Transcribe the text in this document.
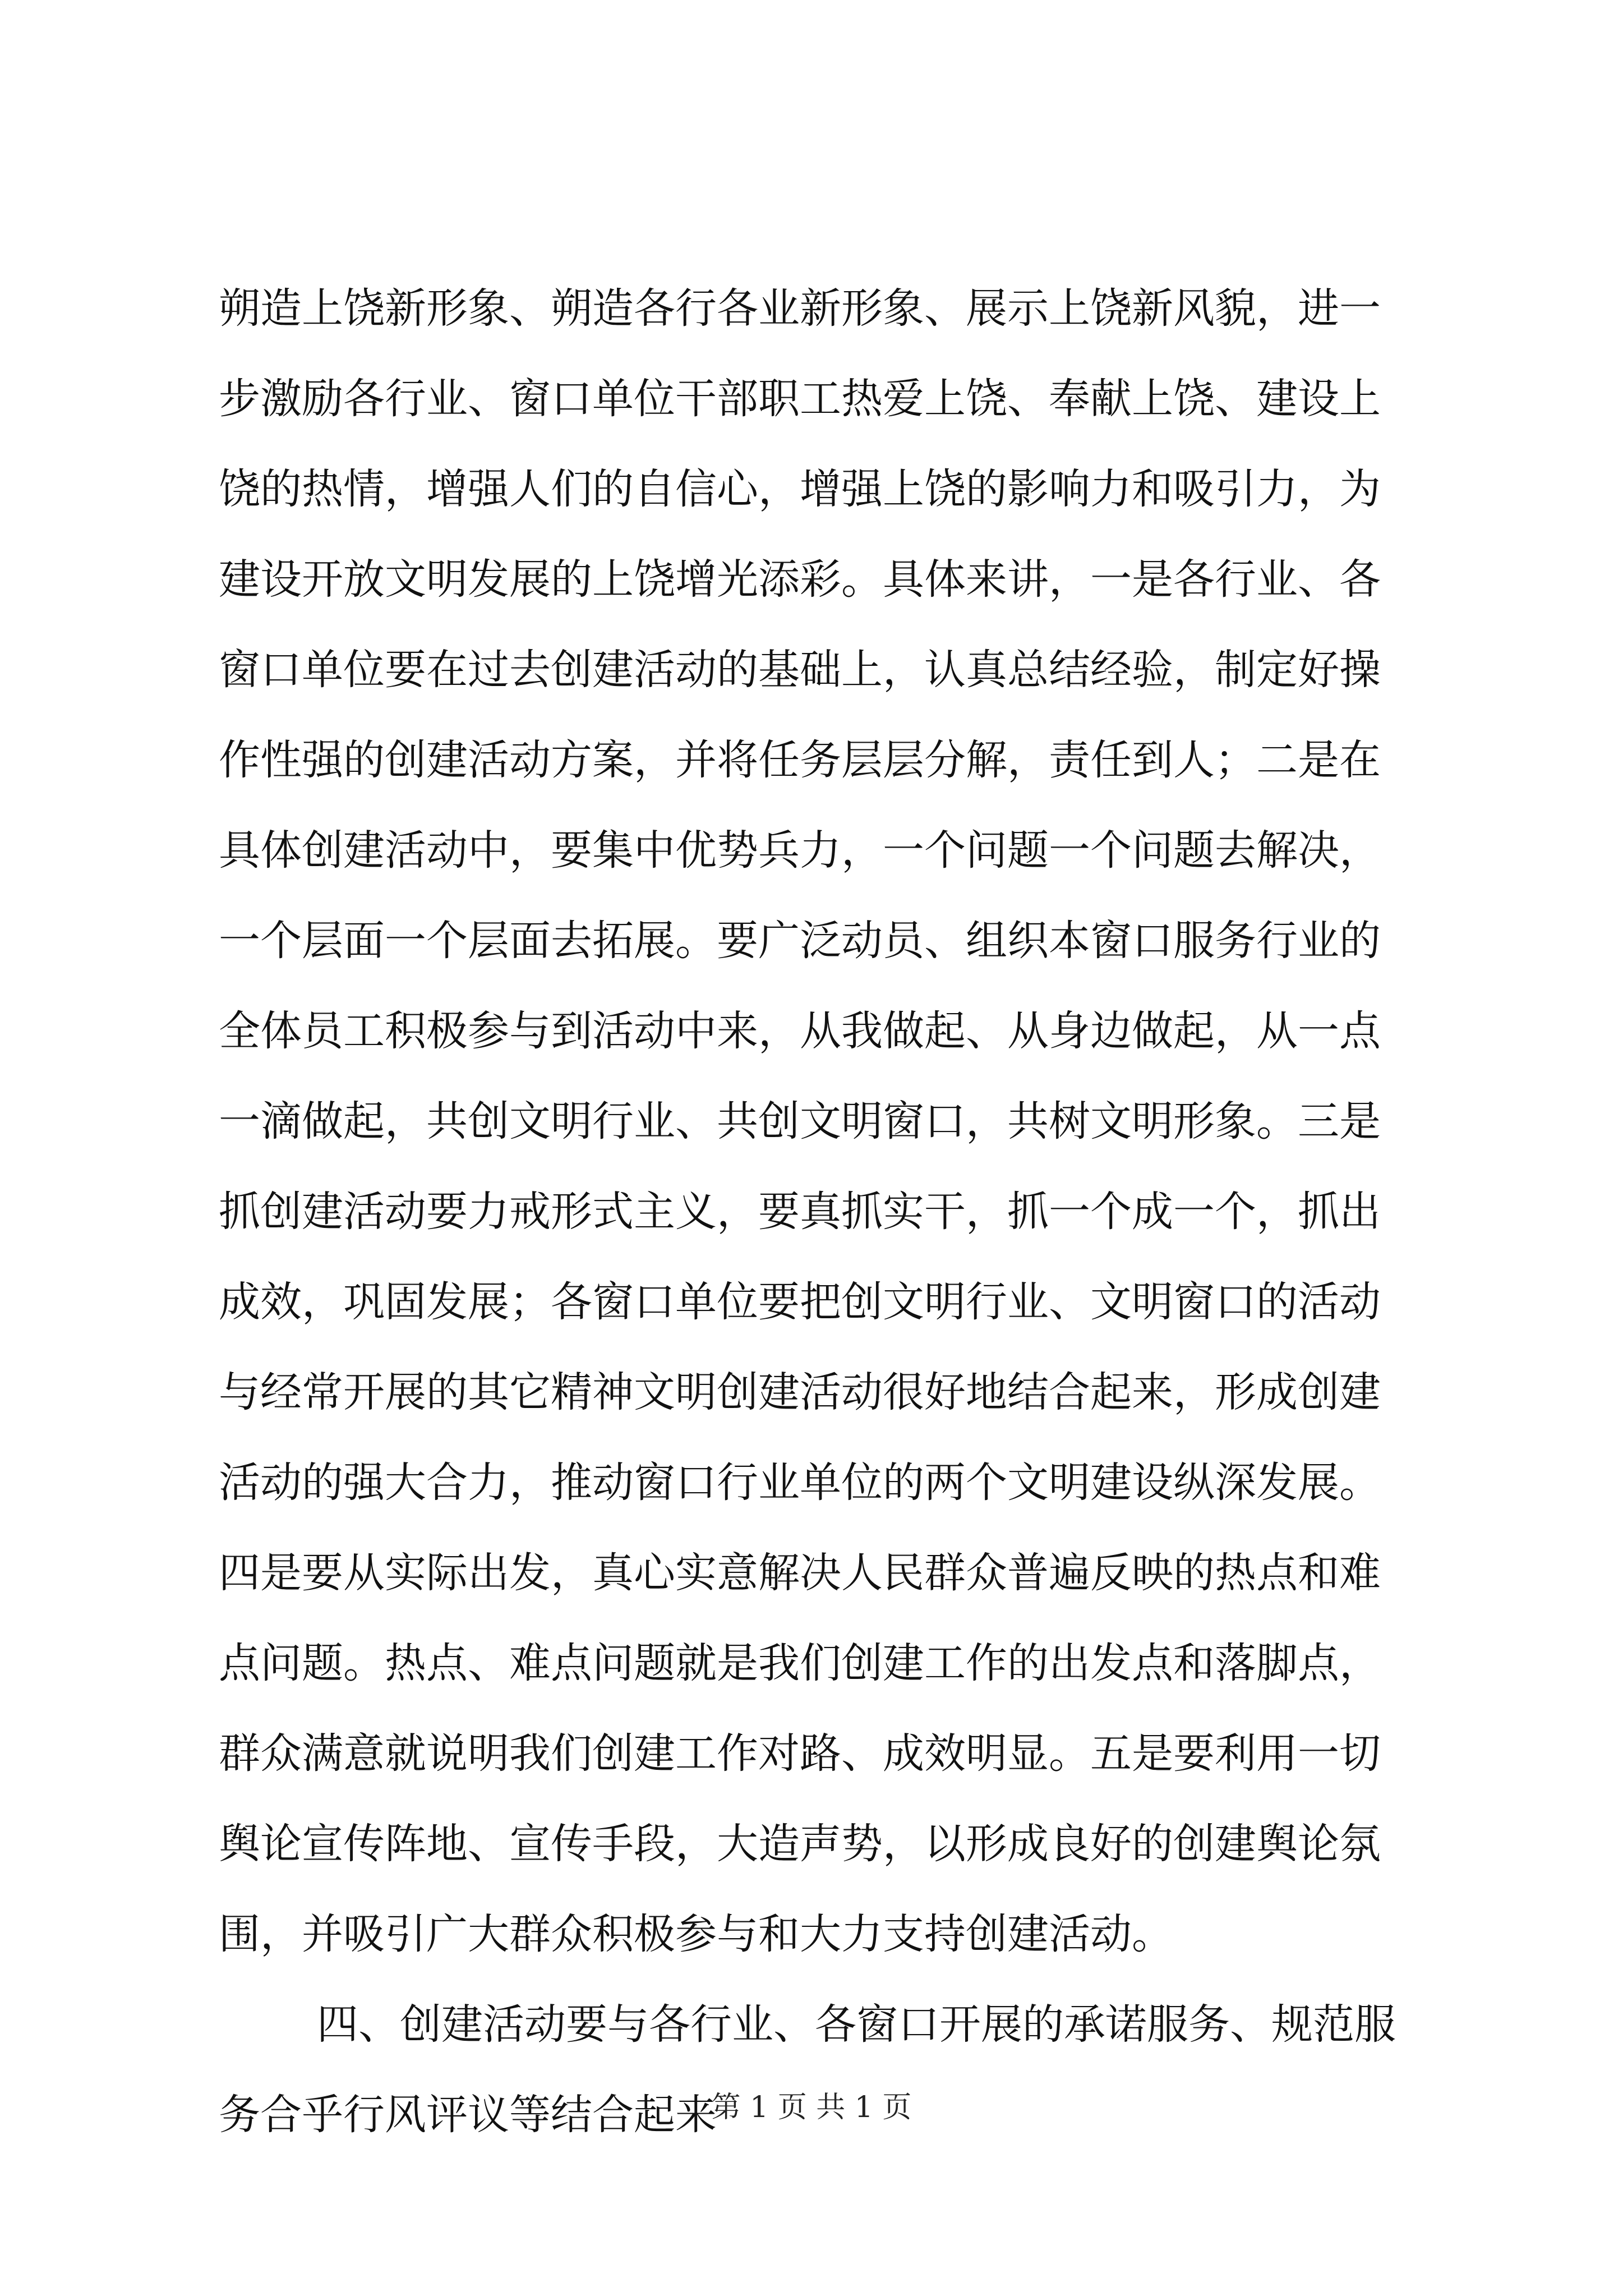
朔造上饶新形象、朔造各行各业新形象、展示上饶新风貌，进一
步激励各行业、窗口单位干部职工热爱上饶、奉献上饶、建设上
饶的热情，增强人们的自信心，增强上饶的影响力和吸引力，为
建设开放文明发展的上饶增光添彩。具体来讲，一是各行业、各
窗口单位要在过去创建活动的基础上，认真总结经验，制定好操
作性强的创建活动方案，并将任务层层分解，责任到人；二是在
具体创建活动中，要集中优势兵力，一个问题一个问题去解决，
一个层面一个层面去拓展。要广泛动员、组织本窗口服务行业的
全体员工积极参与到活动中来，从我做起、从身边做起，从一点
一滴做起，共创文明行业、共创文明窗口，共树文明形象。三是
抓创建活动要力戒形式主义，要真抓实干，抓一个成一个，抓出
成效，巩固发展；各窗口单位要把创文明行业、文明窗口的活动
与经常开展的其它精神文明创建活动很好地结合起来，形成创建
活动的强大合力，推动窗口行业单位的两个文明建设纵深发展。
四是要从实际出发，真心实意解决人民群众普遍反映的热点和难
点问题。热点、难点问题就是我们创建工作的出发点和落脚点，
群众满意就说明我们创建工作对路、成效明显。五是要利用一切
舆论宣传阵地、宣传手段，大造声势，以形成良好的创建舆论氛
围，并吸引广大群众积极参与和大力支持创建活动。
四、创建活动要与各行业、各窗口开展的承诺服务、规范服
务合乎行风评议等结合起来
第 1 页 共 1 页
